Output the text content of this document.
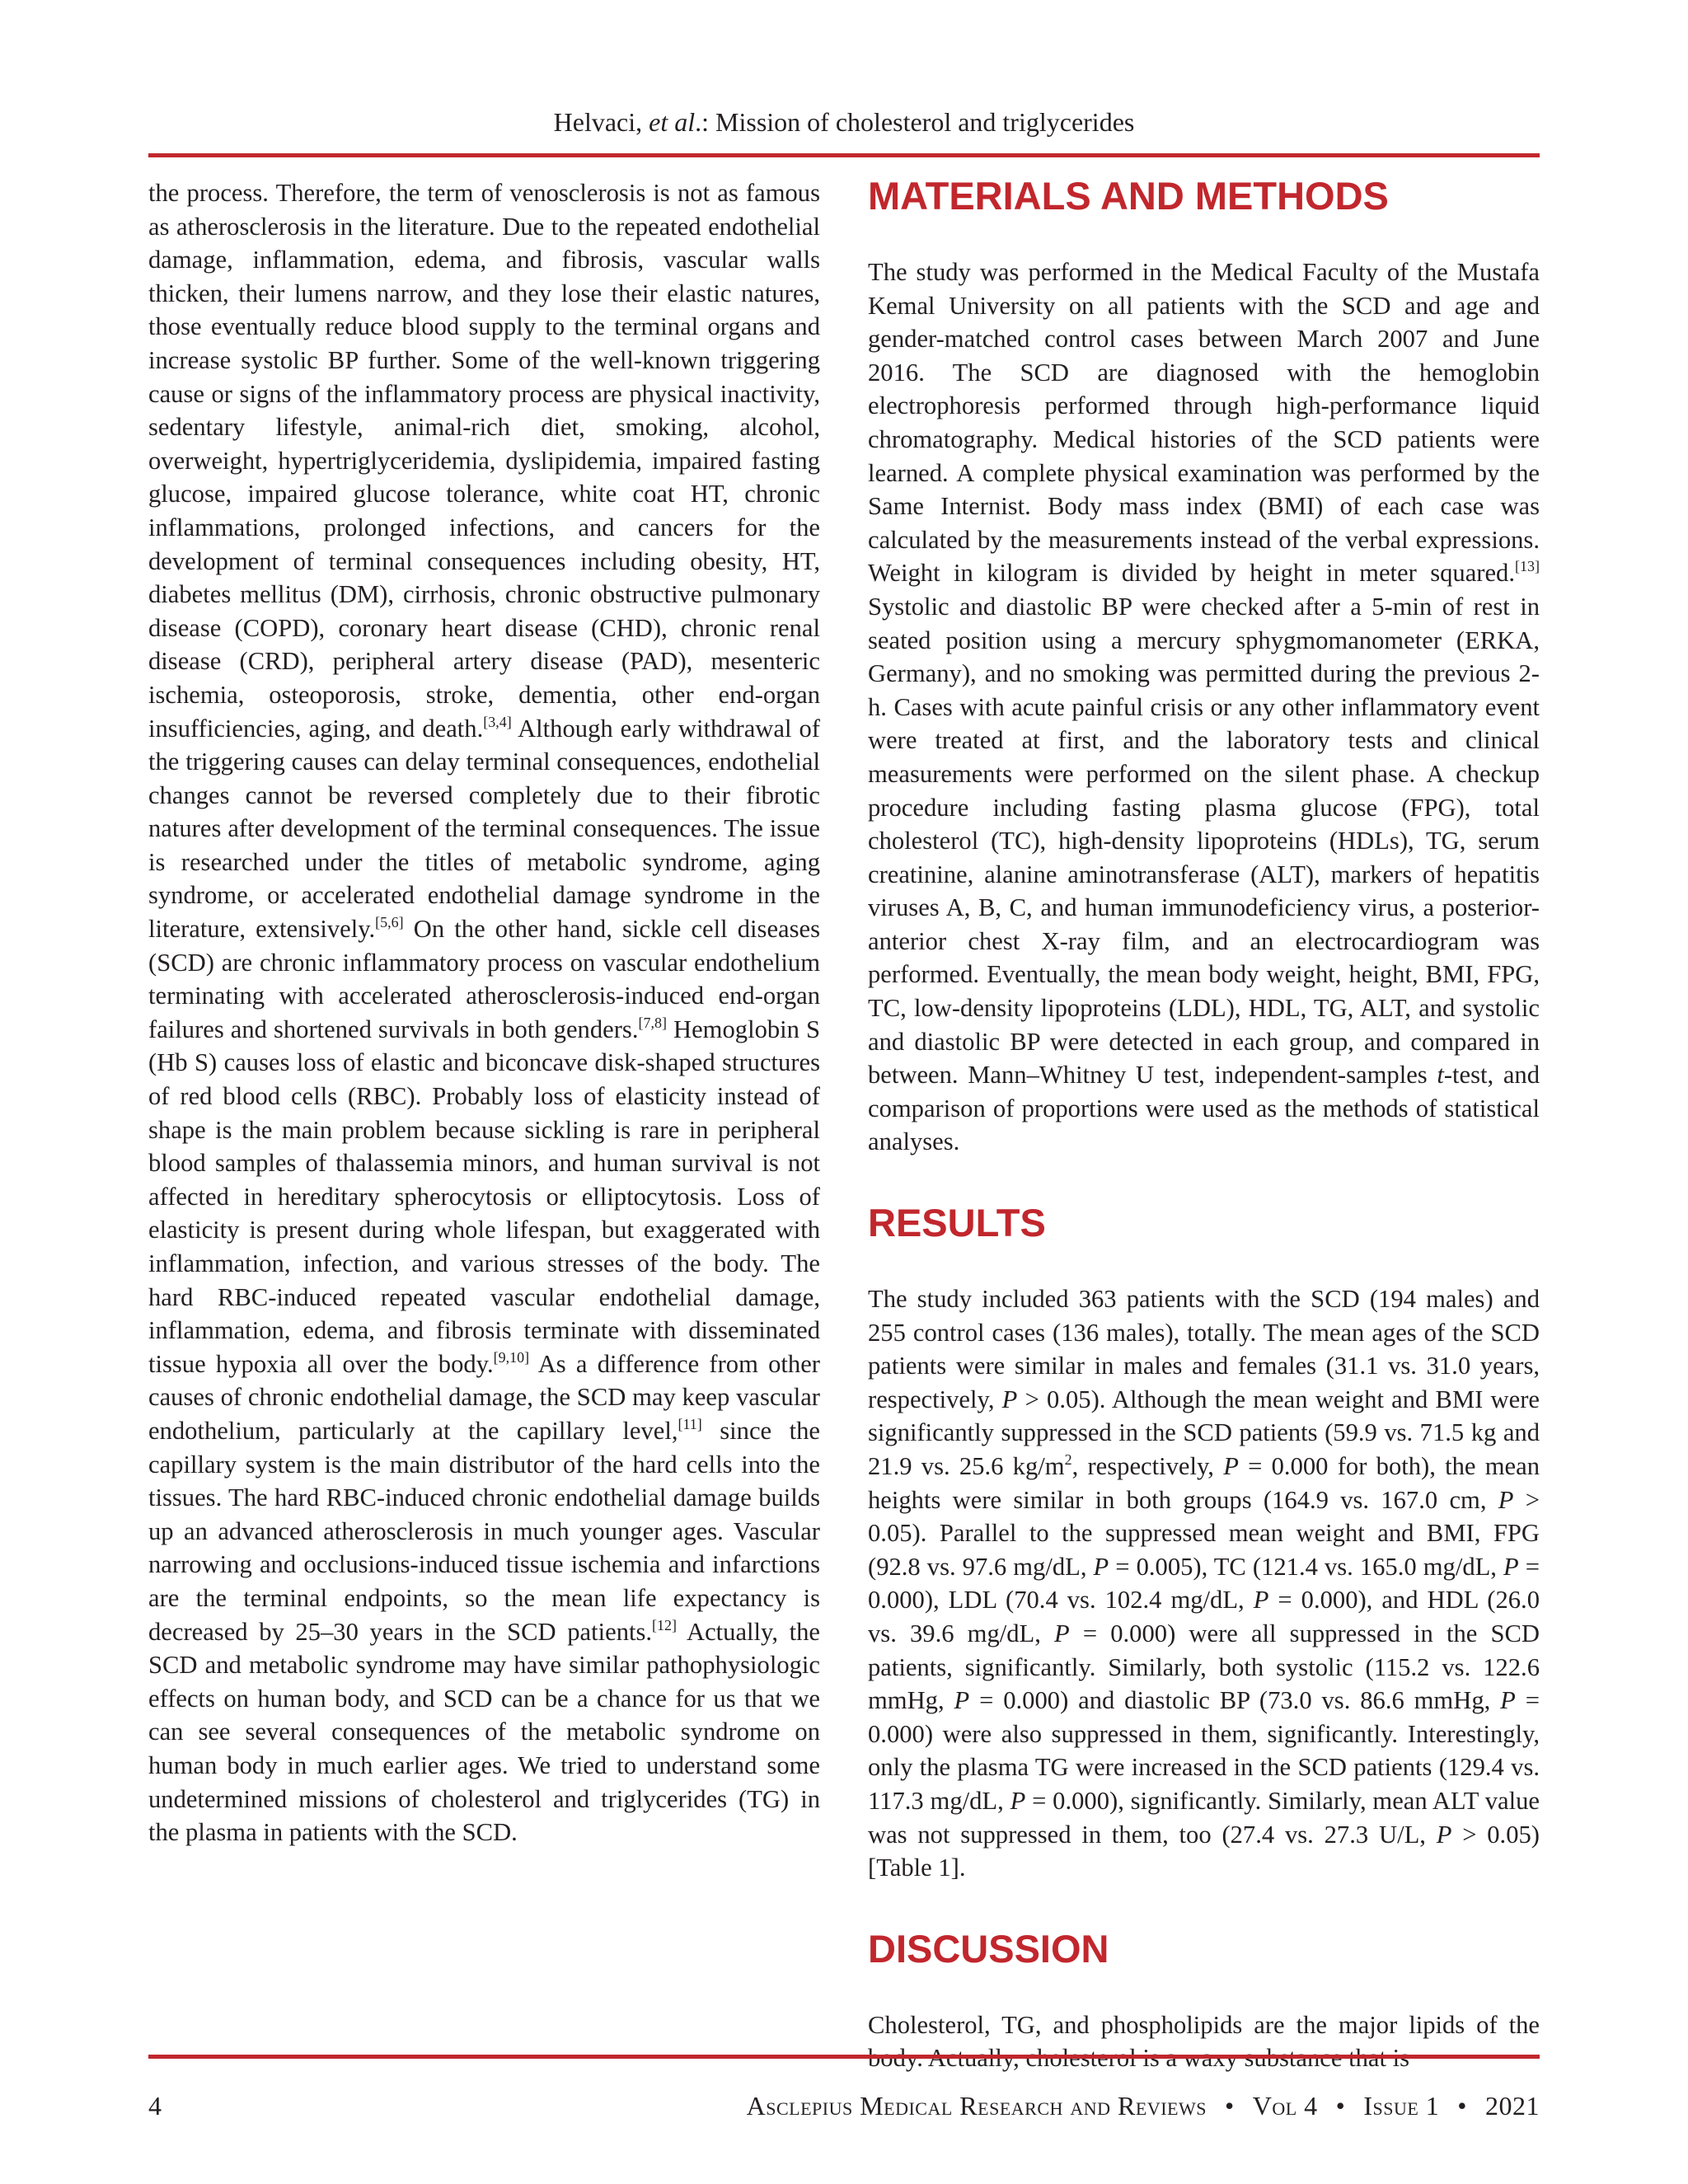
Helvaci, et al.: Mission of cholesterol and triglycerides
the process. Therefore, the term of venosclerosis is not as famous as atherosclerosis in the literature. Due to the repeated endothelial damage, inflammation, edema, and fibrosis, vascular walls thicken, their lumens narrow, and they lose their elastic natures, those eventually reduce blood supply to the terminal organs and increase systolic BP further. Some of the well-known triggering cause or signs of the inflammatory process are physical inactivity, sedentary lifestyle, animal-rich diet, smoking, alcohol, overweight, hypertriglyceridemia, dyslipidemia, impaired fasting glucose, impaired glucose tolerance, white coat HT, chronic inflammations, prolonged infections, and cancers for the development of terminal consequences including obesity, HT, diabetes mellitus (DM), cirrhosis, chronic obstructive pulmonary disease (COPD), coronary heart disease (CHD), chronic renal disease (CRD), peripheral artery disease (PAD), mesenteric ischemia, osteoporosis, stroke, dementia, other end-organ insufficiencies, aging, and death.[3,4] Although early withdrawal of the triggering causes can delay terminal consequences, endothelial changes cannot be reversed completely due to their fibrotic natures after development of the terminal consequences. The issue is researched under the titles of metabolic syndrome, aging syndrome, or accelerated endothelial damage syndrome in the literature, extensively.[5,6] On the other hand, sickle cell diseases (SCD) are chronic inflammatory process on vascular endothelium terminating with accelerated atherosclerosis-induced end-organ failures and shortened survivals in both genders.[7,8] Hemoglobin S (Hb S) causes loss of elastic and biconcave disk-shaped structures of red blood cells (RBC). Probably loss of elasticity instead of shape is the main problem because sickling is rare in peripheral blood samples of thalassemia minors, and human survival is not affected in hereditary spherocytosis or elliptocytosis. Loss of elasticity is present during whole lifespan, but exaggerated with inflammation, infection, and various stresses of the body. The hard RBC-induced repeated vascular endothelial damage, inflammation, edema, and fibrosis terminate with disseminated tissue hypoxia all over the body.[9,10] As a difference from other causes of chronic endothelial damage, the SCD may keep vascular endothelium, particularly at the capillary level,[11] since the capillary system is the main distributor of the hard cells into the tissues. The hard RBC-induced chronic endothelial damage builds up an advanced atherosclerosis in much younger ages. Vascular narrowing and occlusions-induced tissue ischemia and infarctions are the terminal endpoints, so the mean life expectancy is decreased by 25–30 years in the SCD patients.[12] Actually, the SCD and metabolic syndrome may have similar pathophysiologic effects on human body, and SCD can be a chance for us that we can see several consequences of the metabolic syndrome on human body in much earlier ages. We tried to understand some undetermined missions of cholesterol and triglycerides (TG) in the plasma in patients with the SCD.
MATERIALS AND METHODS

The study was performed in the Medical Faculty of the Mustafa Kemal University on all patients with the SCD and age and gender-matched control cases between March 2007 and June 2016. The SCD are diagnosed with the hemoglobin electrophoresis performed through high-performance liquid chromatography. Medical histories of the SCD patients were learned. A complete physical examination was performed by the Same Internist. Body mass index (BMI) of each case was calculated by the measurements instead of the verbal expressions. Weight in kilogram is divided by height in meter squared.[13] Systolic and diastolic BP were checked after a 5-min of rest in seated position using a mercury sphygmomanometer (ERKA, Germany), and no smoking was permitted during the previous 2-h. Cases with acute painful crisis or any other inflammatory event were treated at first, and the laboratory tests and clinical measurements were performed on the silent phase. A checkup procedure including fasting plasma glucose (FPG), total cholesterol (TC), high-density lipoproteins (HDLs), TG, serum creatinine, alanine aminotransferase (ALT), markers of hepatitis viruses A, B, C, and human immunodeficiency virus, a posterior-anterior chest X-ray film, and an electrocardiogram was performed. Eventually, the mean body weight, height, BMI, FPG, TC, low-density lipoproteins (LDL), HDL, TG, ALT, and systolic and diastolic BP were detected in each group, and compared in between. Mann–Whitney U test, independent-samples t-test, and comparison of proportions were used as the methods of statistical analyses.

RESULTS

The study included 363 patients with the SCD (194 males) and 255 control cases (136 males), totally. The mean ages of the SCD patients were similar in males and females (31.1 vs. 31.0 years, respectively, P > 0.05). Although the mean weight and BMI were significantly suppressed in the SCD patients (59.9 vs. 71.5 kg and 21.9 vs. 25.6 $kg/m^2$, respectively, P = 0.000 for both), the mean heights were similar in both groups (164.9 vs. 167.0 cm, P > 0.05). Parallel to the suppressed mean weight and BMI, FPG (92.8 vs. 97.6 mg/dL, P = 0.005), TC (121.4 vs. 165.0 mg/dL, P = 0.000), LDL (70.4 vs. 102.4 mg/dL, P = 0.000), and HDL (26.0 vs. 39.6 mg/dL, P = 0.000) were all suppressed in the SCD patients, significantly. Similarly, both systolic (115.2 vs. 122.6 mmHg, P = 0.000) and diastolic BP (73.0 vs. 86.6 mmHg, P = 0.000) were also suppressed in them, significantly. Interestingly, only the plasma TG were increased in the SCD patients (129.4 vs. 117.3 mg/dL, P = 0.000), significantly. Similarly, mean ALT value was not suppressed in them, too (27.4 vs. 27.3 U/L, P > 0.05) [Table 1].

DISCUSSION

Cholesterol, TG, and phospholipids are the major lipids of the

4	Asclepius Medical Research and Reviews • Vol 4 • Issue 1 • 2021
